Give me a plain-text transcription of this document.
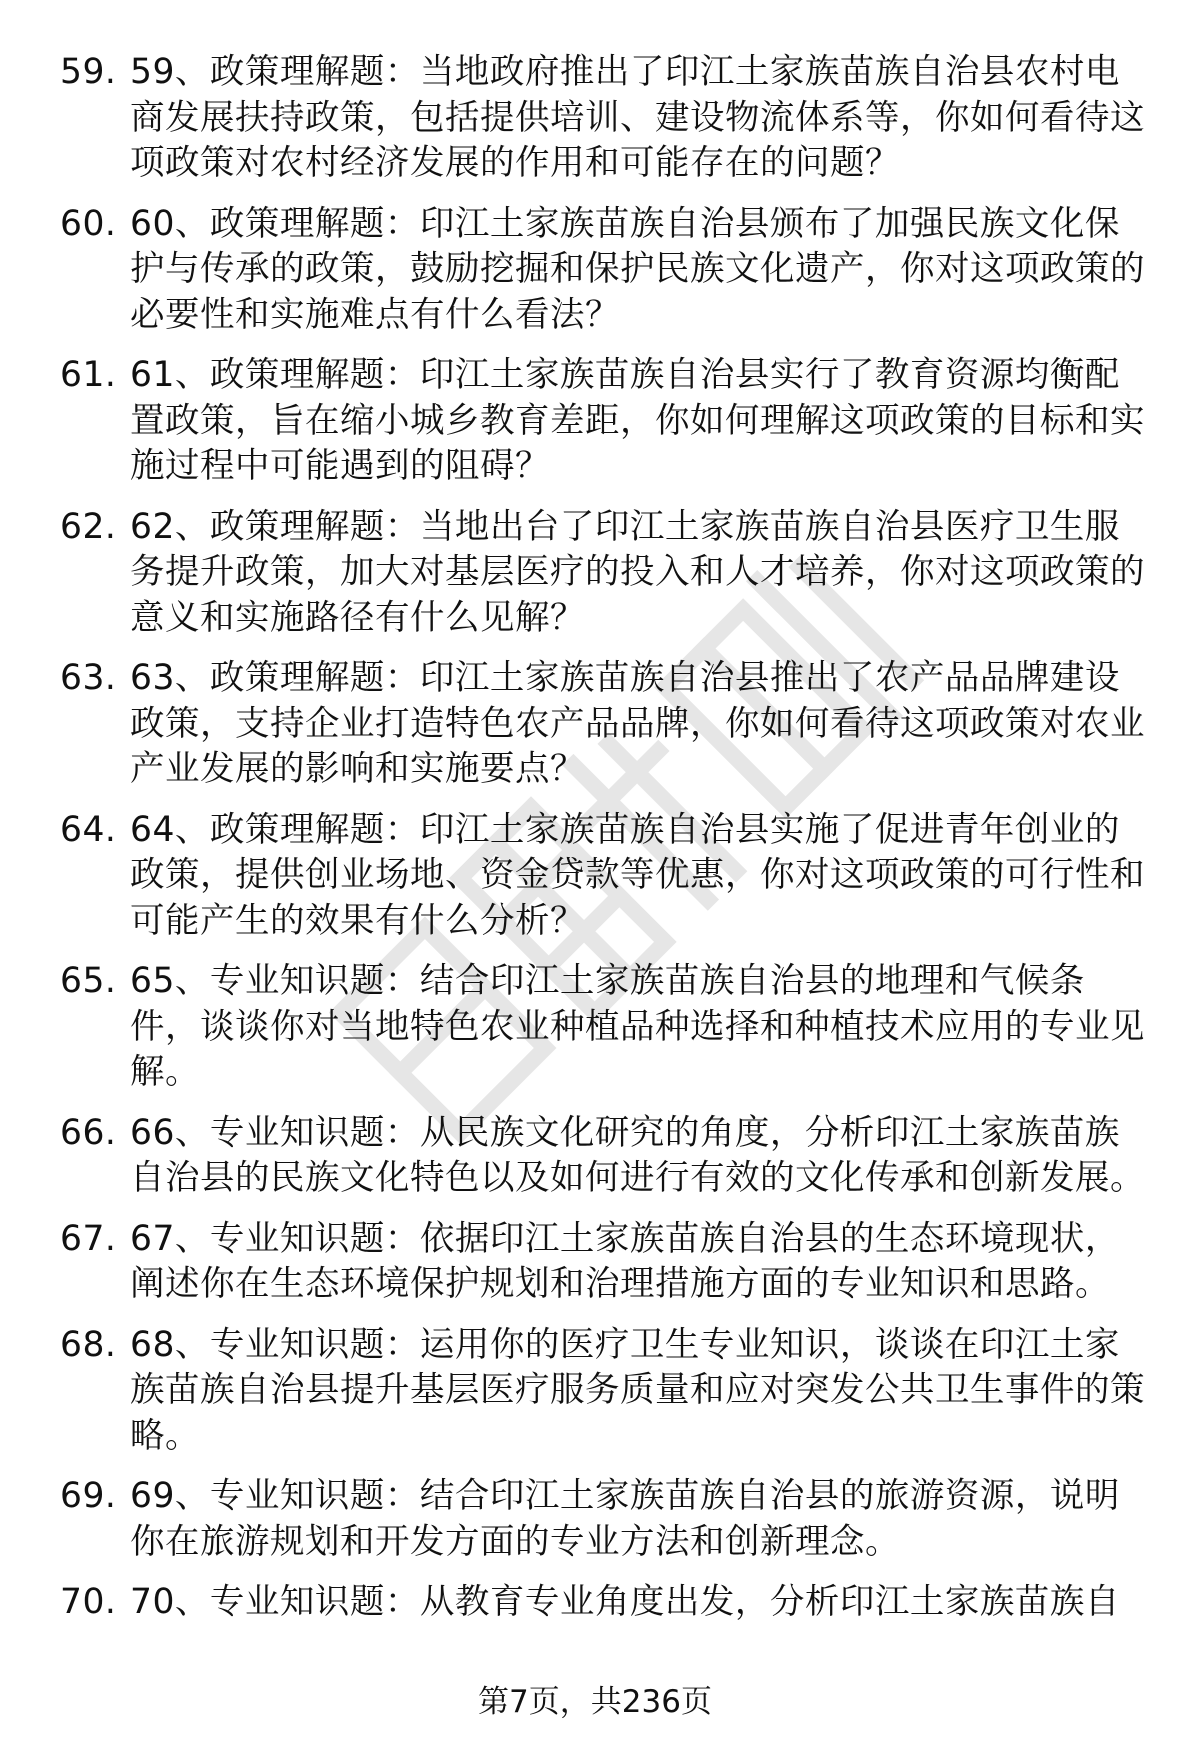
59. 59、政策理解题：当地政府推出了印江土家族苗族自治县农村电商发展扶持政策，包括提供培训、建设物流体系等，你如何看待这项政策对农村经济发展的作用和可能存在的问题？
60. 60、政策理解题：印江土家族苗族自治县颁布了加强民族文化保护与传承的政策，鼓励挖掘和保护民族文化遗产，你对这项政策的必要性和实施难点有什么看法？
61. 61、政策理解题：印江土家族苗族自治县实行了教育资源均衡配置政策，旨在缩小城乡教育差距，你如何理解这项政策的目标和实施过程中可能遇到的阻碍？
62. 62、政策理解题：当地出台了印江土家族苗族自治县医疗卫生服务提升政策，加大对基层医疗的投入和人才培养，你对这项政策的意义和实施路径有什么见解？
63. 63、政策理解题：印江土家族苗族自治县推出了农产品品牌建设政策，支持企业打造特色农产品品牌，你如何看待这项政策对农业产业发展的影响和实施要点？
64. 64、政策理解题：印江土家族苗族自治县实施了促进青年创业的政策，提供创业场地、资金贷款等优惠，你对这项政策的可行性和可能产生的效果有什么分析？
65. 65、专业知识题：结合印江土家族苗族自治县的地理和气候条件，谈谈你对当地特色农业种植品种选择和种植技术应用的专业见解。
66. 66、专业知识题：从民族文化研究的角度，分析印江土家族苗族自治县的民族文化特色以及如何进行有效的文化传承和创新发展。
67. 67、专业知识题：依据印江土家族苗族自治县的生态环境现状，阐述你在生态环境保护规划和治理措施方面的专业知识和思路。
68. 68、专业知识题：运用你的医疗卫生专业知识，谈谈在印江土家族苗族自治县提升基层医疗服务质量和应对突发公共卫生事件的策略。
69. 69、专业知识题：结合印江土家族苗族自治县的旅游资源，说明你在旅游规划和开发方面的专业方法和创新理念。
70. 70、专业知识题：从教育专业角度出发，分析印江土家族苗族自
第7页，共236页
